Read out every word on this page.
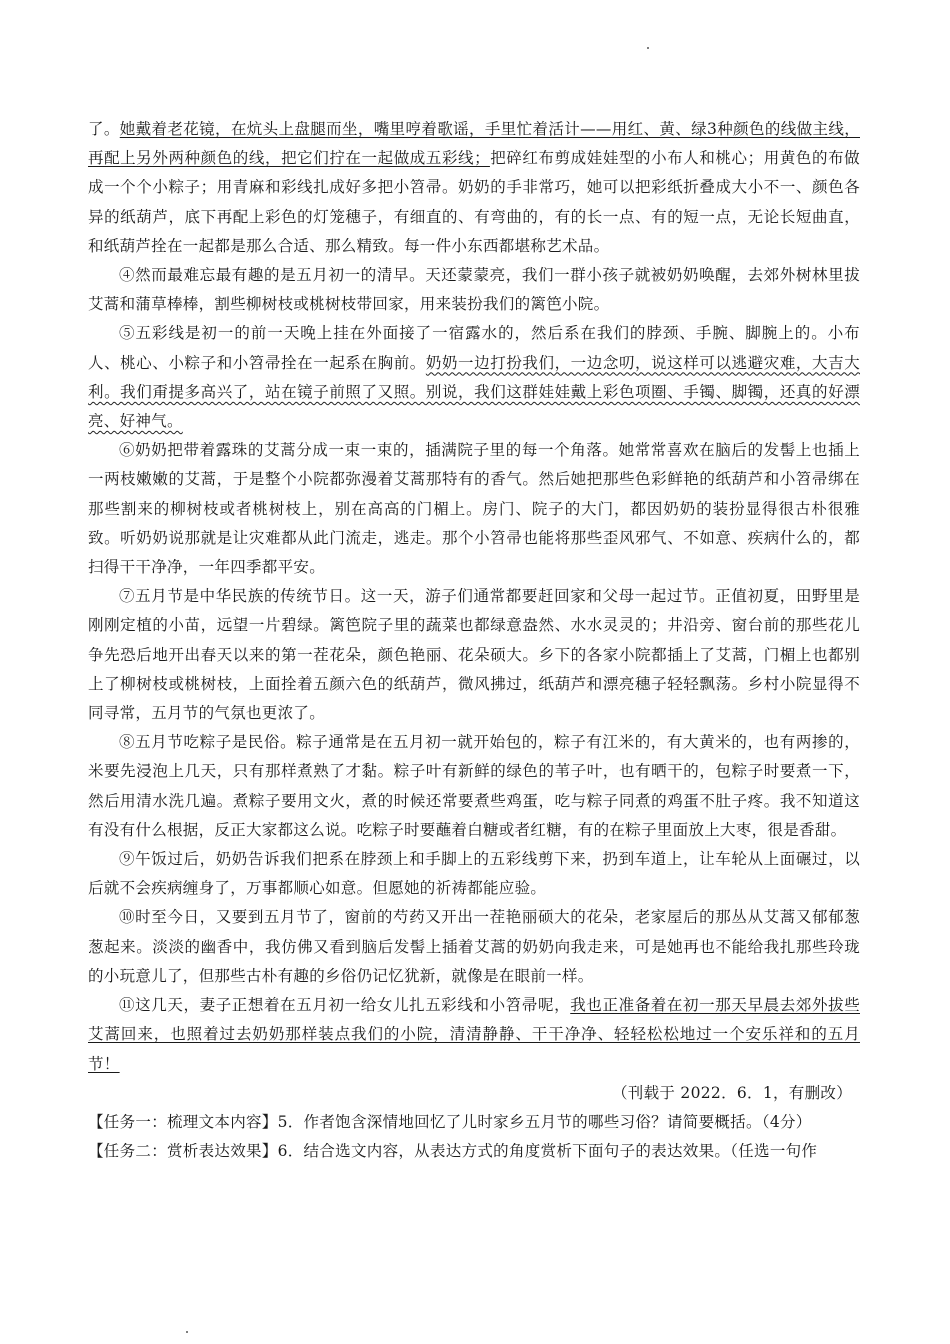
了。她戴着老花镜，在炕头上盘腿而坐，嘴里哼着歌谣，手里忙着活计——用红、黄、绿3种颜色的线做主线，再配上另外两种颜色的线，把它们拧在一起做成五彩线；把碎红布剪成娃娃型的小布人和桃心；用黄色的布做成一个个小粽子；用青麻和彩线扎成好多把小笤帚。奶奶的手非常巧，她可以把彩纸折叠成大小不一、颜色各异的纸葫芦，底下再配上彩色的灯笼穗子，有细直的、有弯曲的，有的长一点、有的短一点，无论长短曲直，和纸葫芦拴在一起都是那么合适、那么精致。每一件小东西都堪称艺术品。

④然而最难忘最有趣的是五月初一的清早。天还蒙蒙亮，我们一群小孩子就被奶奶唤醒，去郊外树林里拔艾蒿和蒲草棒棒，割些柳树枝或桃树枝带回家，用来装扮我们的篱笆小院。

⑤五彩线是初一的前一天晚上挂在外面接了一宿露水的，然后系在我们的脖颈、手腕、脚腕上的。小布人、桃心、小粽子和小笤帚拴在一起系在胸前。奶奶一边打扮我们，一边念叨，说这样可以逃避灾难，大吉大利。我们甭提多高兴了，站在镜子前照了又照。别说，我们这群娃娃戴上彩色项圈、手镯、脚镯，还真的好漂亮、好神气。

⑥奶奶把带着露珠的艾蒿分成一束一束的，插满院子里的每一个角落。她常常喜欢在脑后的发髻上也插上一两枝嫩嫩的艾蒿，于是整个小院都弥漫着艾蒿那特有的香气。然后她把那些色彩鲜艳的纸葫芦和小笤帚绑在那些割来的柳树枝或者桃树枝上，别在高高的门楣上。房门、院子的大门，都因奶奶的装扮显得很古朴很雅致。听奶奶说那就是让灾难都从此门流走，逃走。那个小笤帚也能将那些歪风邪气、不如意、疾病什么的，都扫得干干净净，一年四季都平安。

⑦五月节是中华民族的传统节日。这一天，游子们通常都要赶回家和父母一起过节。正值初夏，田野里是刚刚定植的小苗，远望一片碧绿。篱笆院子里的蔬菜也都绿意盎然、水水灵灵的；井沿旁、窗台前的那些花儿争先恐后地开出春天以来的第一茬花朵，颜色艳丽、花朵硕大。乡下的各家小院都插上了艾蒿，门楣上也都别上了柳树枝或桃树枝，上面拴着五颜六色的纸葫芦，微风拂过，纸葫芦和漂亮穗子轻轻飘荡。乡村小院显得不同寻常，五月节的气氛也更浓了。

⑧五月节吃粽子是民俗。粽子通常是在五月初一就开始包的，粽子有江米的，有大黄米的，也有两掺的，米要先浸泡上几天，只有那样煮熟了才黏。粽子叶有新鲜的绿色的苇子叶，也有晒干的，包粽子时要煮一下，然后用清水洗几遍。煮粽子要用文火，煮的时候还常要煮些鸡蛋，吃与粽子同煮的鸡蛋不肚子疼。我不知道这有没有什么根据，反正大家都这么说。吃粽子时要蘸着白糖或者红糖，有的在粽子里面放上大枣，很是香甜。

⑨午饭过后，奶奶告诉我们把系在脖颈上和手脚上的五彩线剪下来，扔到车道上，让车轮从上面碾过，以后就不会疾病缠身了，万事都顺心如意。但愿她的祈祷都能应验。

⑩时至今日，又要到五月节了，窗前的芍药又开出一茬艳丽硕大的花朵，老家屋后的那丛从艾蒿又郁郁葱葱起来。淡淡的幽香中，我仿佛又看到脑后发髻上插着艾蒿的奶奶向我走来，可是她再也不能给我扎那些玲珑的小玩意儿了，但那些古朴有趣的乡俗仍记忆犹新，就像是在眼前一样。

⑪这几天，妻子正想着在五月初一给女儿扎五彩线和小笤帚呢，我也正准备着在初一那天早晨去郊外拔些艾蒿回来，也照着过去奶奶那样装点我们的小院，清清静静、干干净净、轻轻松松地过一个安乐祥和的五月节！

（刊载于 2022．6．1，有删改）

【任务一：梳理文本内容】5．作者饱含深情地回忆了儿时家乡五月节的哪些习俗？请简要概括。（4分）

【任务二：赏析表达效果】6．结合选文内容，从表达方式的角度赏析下面句子的表达效果。（任选一句作
